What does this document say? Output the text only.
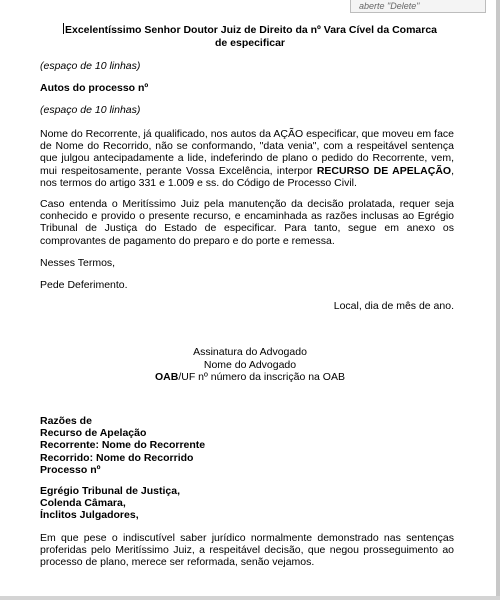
aberte "Delete"
Excelentíssimo Senhor Doutor Juiz de Direito da nº Vara Cível da Comarca
de especificar
(espaço de 10 linhas)
Autos do processo nº
(espaço de 10 linhas)
Nome do Recorrente, já qualificado, nos autos da AÇÃO especificar, que moveu em face de Nome do Recorrido, não se conformando, "data venia", com a respeitável sentença que julgou antecipadamente a lide, indeferindo de plano o pedido do Recorrente, vem, mui respeitosamente, perante Vossa Excelência, interpor RECURSO DE APELAÇÃO, nos termos do artigo 331 e 1.009 e ss. do Código de Processo Civil.
Caso entenda o Meritíssimo Juiz pela manutenção da decisão prolatada, requer seja conhecido e provido o presente recurso, e encaminhada as razões inclusas ao Egrégio Tribunal de Justiça do Estado de especificar. Para tanto, segue em anexo os comprovantes de pagamento do preparo e do porte e remessa.
Nesses Termos,
Pede Deferimento.
Local, dia de mês de ano.
Assinatura do Advogado
Nome do Advogado
OAB/UF nº número da inscrição na OAB
Razões de
Recurso de Apelação
Recorrente: Nome do Recorrente
Recorrido: Nome do Recorrido
Processo nº
Egrégio Tribunal de Justiça,
Colenda Câmara,
Ínclitos Julgadores,
Em que pese o indiscutível saber jurídico normalmente demonstrado nas sentenças proferidas pelo Meritíssimo Juiz, a respeitável decisão, que negou prosseguimento ao processo de plano, merece ser reformada, senão vejamos.
